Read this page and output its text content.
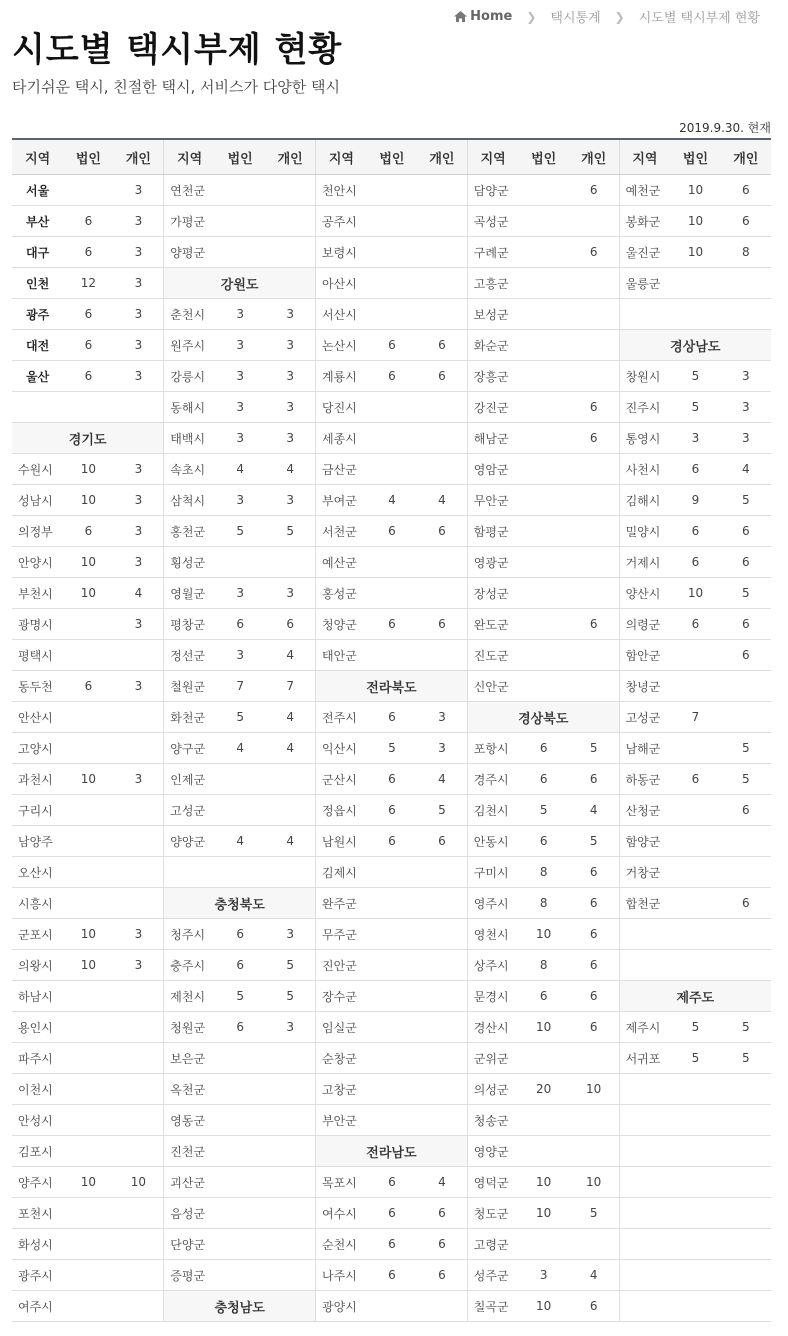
Home ❯ 택시통계 ❯ 시도별 택시부제 현황
시도별 택시부제 현황
타기쉬운 택시, 친절한 택시, 서비스가 다양한 택시
2019.9.30. 현재
지역	법인	개인	지역	법인	개인	지역	법인	개인	지역	법인	개인	지역	법인	개인
서울		3	연천군			천안시			담양군		6	예천군	10	6
부산	6	3	가평군			공주시			곡성군			봉화군	10	6
대구	6	3	양평군			보령시			구례군		6	울진군	10	8
인천	12	3	강원도			아산시			고흥군			울릉군		
광주	6	3	춘천시	3	3	서산시			보성군					
대전	6	3	원주시	3	3	논산시	6	6	화순군			경상남도		
울산	6	3	강릉시	3	3	계룡시	6	6	장흥군			창원시	5	3
			동해시	3	3	당진시			강진군		6	진주시	5	3
경기도			태백시	3	3	세종시			해남군		6	통영시	3	3
수원시	10	3	속초시	4	4	금산군			영암군			사천시	6	4
성남시	10	3	삼척시	3	3	부여군	4	4	무안군			김해시	9	5
의정부	6	3	홍천군	5	5	서천군	6	6	함평군			밀양시	6	6
안양시	10	3	횡성군			예산군			영광군			거제시	6	6
부천시	10	4	영월군	3	3	홍성군			장성군			양산시	10	5
광명시		3	평창군	6	6	청양군	6	6	완도군		6	의령군	6	6
평택시			정선군	3	4	태안군			진도군			함안군		6
동두천	6	3	철원군	7	7	전라북도			신안군			창녕군		
안산시			화천군	5	4	전주시	6	3	경상북도			고성군	7	
고양시			양구군	4	4	익산시	5	3	포항시	6	5	남해군		5
과천시	10	3	인제군			군산시	6	4	경주시	6	6	하동군	6	5
구리시			고성군			정읍시	6	5	김천시	5	4	산청군		6
남양주			양양군	4	4	남원시	6	6	안동시	6	5	함양군		
오산시						김제시			구미시	8	6	거창군		
시흥시			충청북도			완주군			영주시	8	6	합천군		6
군포시	10	3	청주시	6	3	무주군			영천시	10	6			
의왕시	10	3	충주시	6	5	진안군			상주시	8	6			
하남시			제천시	5	5	장수군			문경시	6	6	제주도		
용인시			청원군	6	3	임실군			경산시	10	6	제주시	5	5
파주시			보은군			순창군			군위군			서귀포	5	5
이천시			옥천군			고창군			의성군	20	10			
안성시			영동군			부안군			청송군					
김포시			진천군			전라남도			영양군					
양주시	10	10	괴산군			목포시	6	4	영덕군	10	10			
포천시			음성군			여수시	6	6	청도군	10	5			
화성시			단양군			순천시	6	6	고령군					
광주시			증평군			나주시	6	6	성주군	3	4			
여주시			충청남도			광양시			칠곡군	10	6			
